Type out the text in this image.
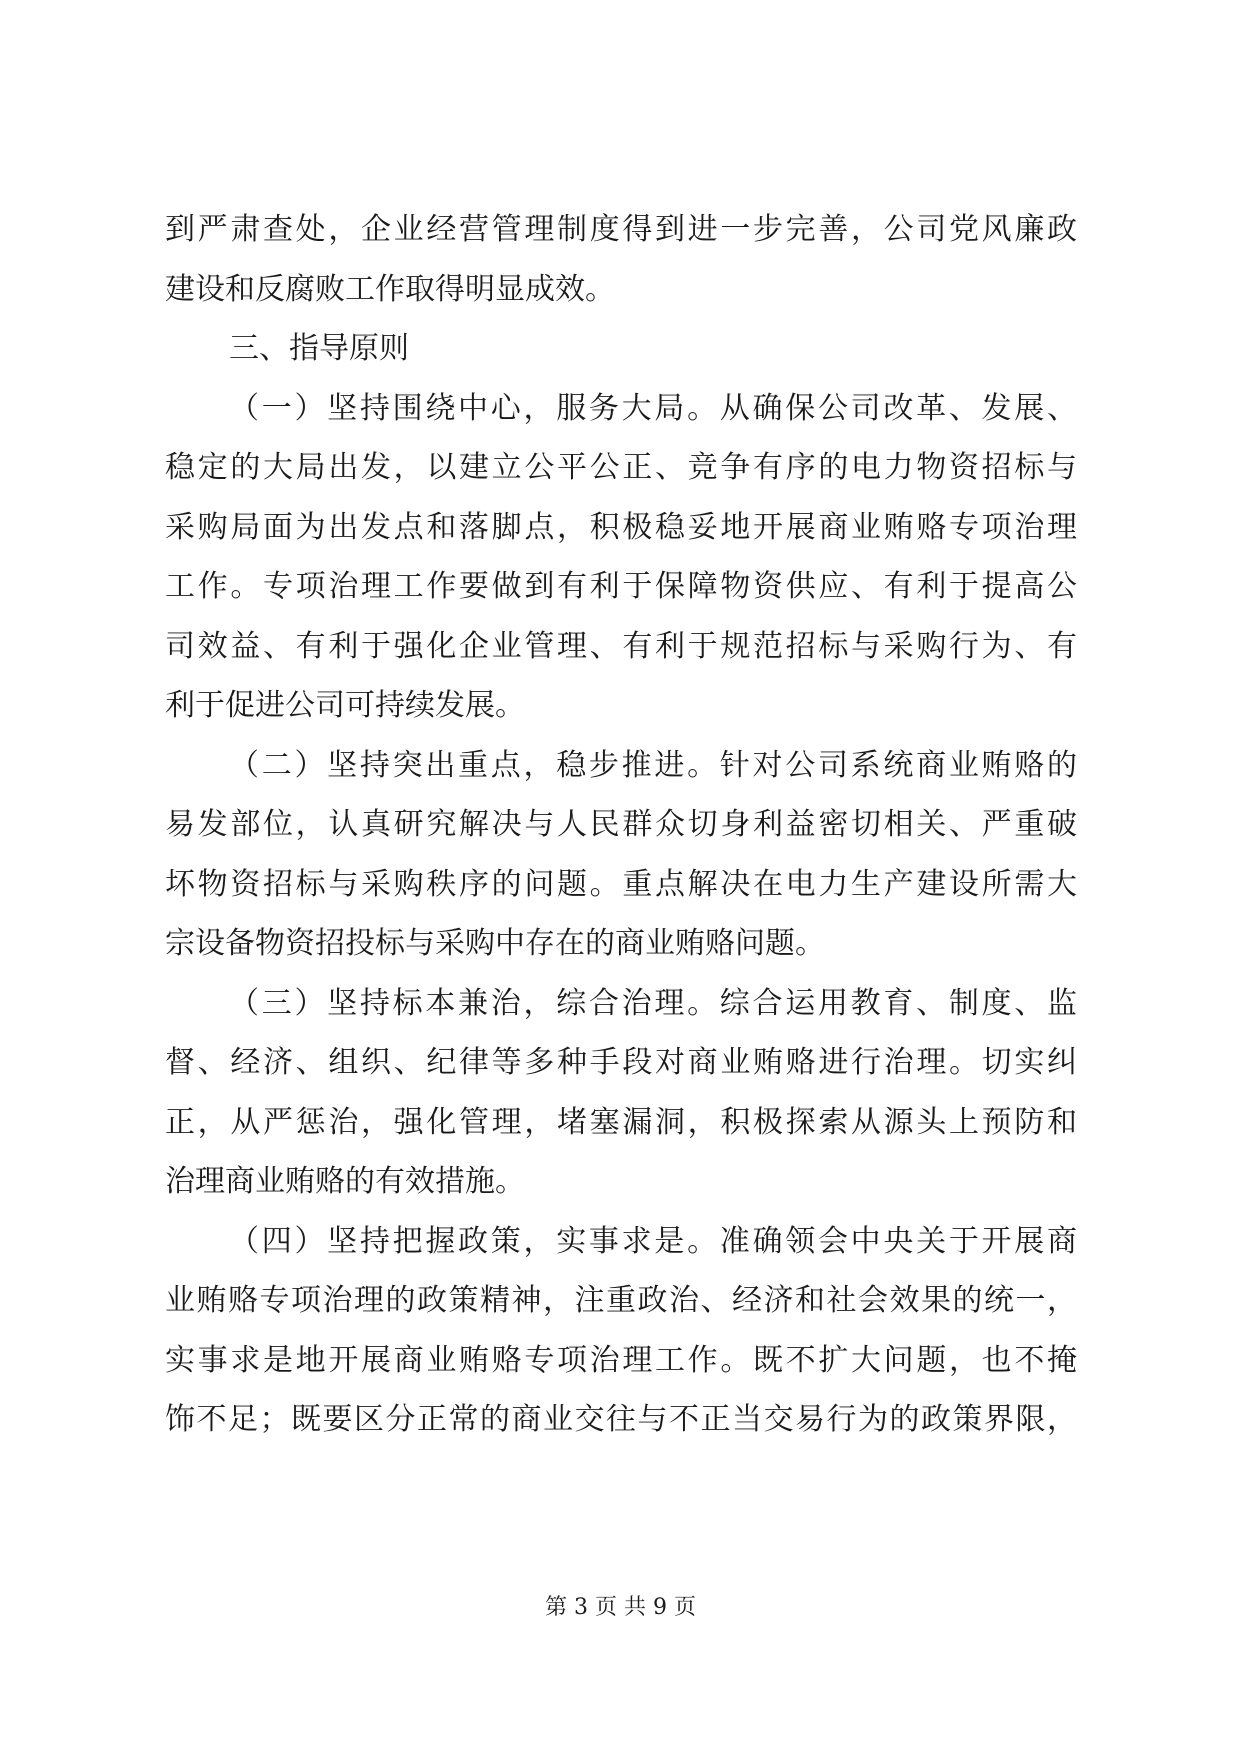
到严肃查处，企业经营管理制度得到进一步完善，公司党风廉政
建设和反腐败工作取得明显成效。
三、指导原则
（一）坚持围绕中心，服务大局。从确保公司改革、发展、
稳定的大局出发，以建立公平公正、竞争有序的电力物资招标与
采购局面为出发点和落脚点，积极稳妥地开展商业贿赂专项治理
工作。专项治理工作要做到有利于保障物资供应、有利于提高公
司效益、有利于强化企业管理、有利于规范招标与采购行为、有
利于促进公司可持续发展。
（二）坚持突出重点，稳步推进。针对公司系统商业贿赂的
易发部位，认真研究解决与人民群众切身利益密切相关、严重破
坏物资招标与采购秩序的问题。重点解决在电力生产建设所需大
宗设备物资招投标与采购中存在的商业贿赂问题。
（三）坚持标本兼治，综合治理。综合运用教育、制度、监
督、经济、组织、纪律等多种手段对商业贿赂进行治理。切实纠
正，从严惩治，强化管理，堵塞漏洞，积极探索从源头上预防和
治理商业贿赂的有效措施。
（四）坚持把握政策，实事求是。准确领会中央关于开展商
业贿赂专项治理的政策精神，注重政治、经济和社会效果的统一，
实事求是地开展商业贿赂专项治理工作。既不扩大问题，也不掩
饰不足；既要区分正常的商业交往与不正当交易行为的政策界限，
第 3 页 共 9 页
